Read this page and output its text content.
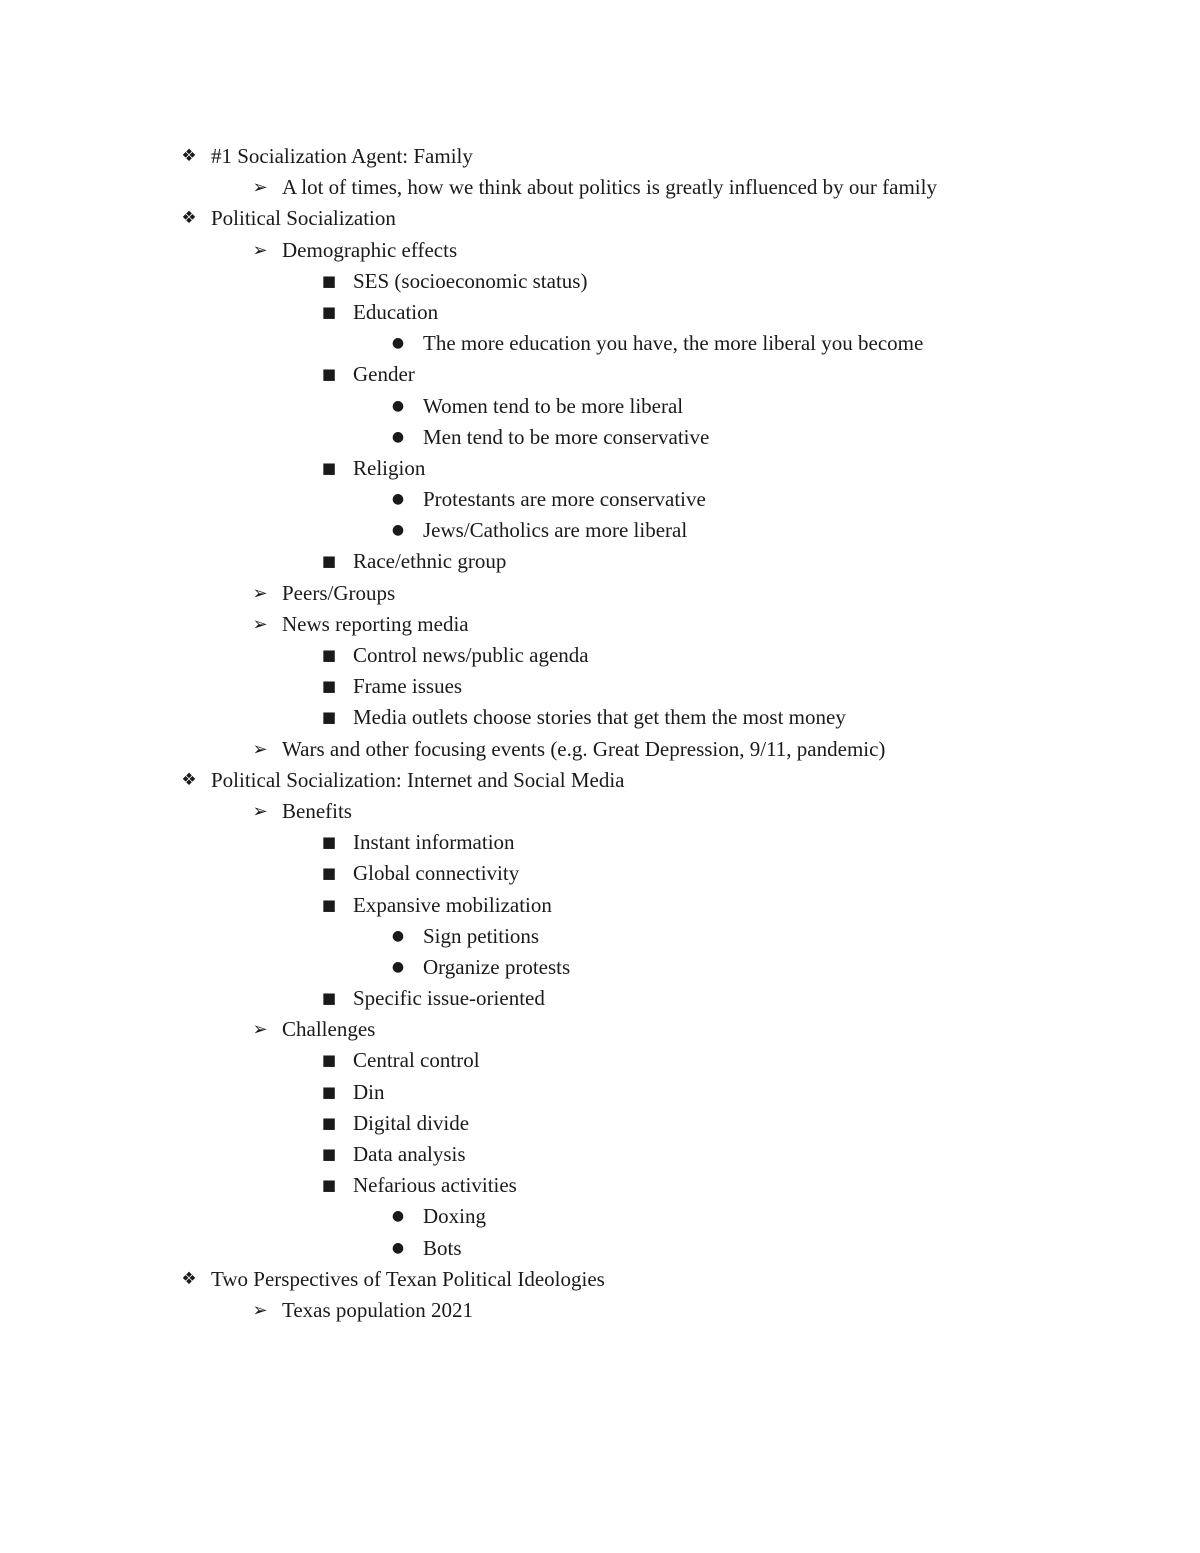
❖ #1 Socialization Agent: Family
➢ A lot of times, how we think about politics is greatly influenced by our family
❖ Political Socialization
➢ Demographic effects
■ SES (socioeconomic status)
■ Education
● The more education you have, the more liberal you become
■ Gender
● Women tend to be more liberal
● Men tend to be more conservative
■ Religion
● Protestants are more conservative
● Jews/Catholics are more liberal
■ Race/ethnic group
➢ Peers/Groups
➢ News reporting media
■ Control news/public agenda
■ Frame issues
■ Media outlets choose stories that get them the most money
➢ Wars and other focusing events (e.g. Great Depression, 9/11, pandemic)
❖ Political Socialization: Internet and Social Media
➢ Benefits
■ Instant information
■ Global connectivity
■ Expansive mobilization
● Sign petitions
● Organize protests
■ Specific issue-oriented
➢ Challenges
■ Central control
■ Din
■ Digital divide
■ Data analysis
■ Nefarious activities
● Doxing
● Bots
❖ Two Perspectives of Texan Political Ideologies
➢ Texas population 2021
